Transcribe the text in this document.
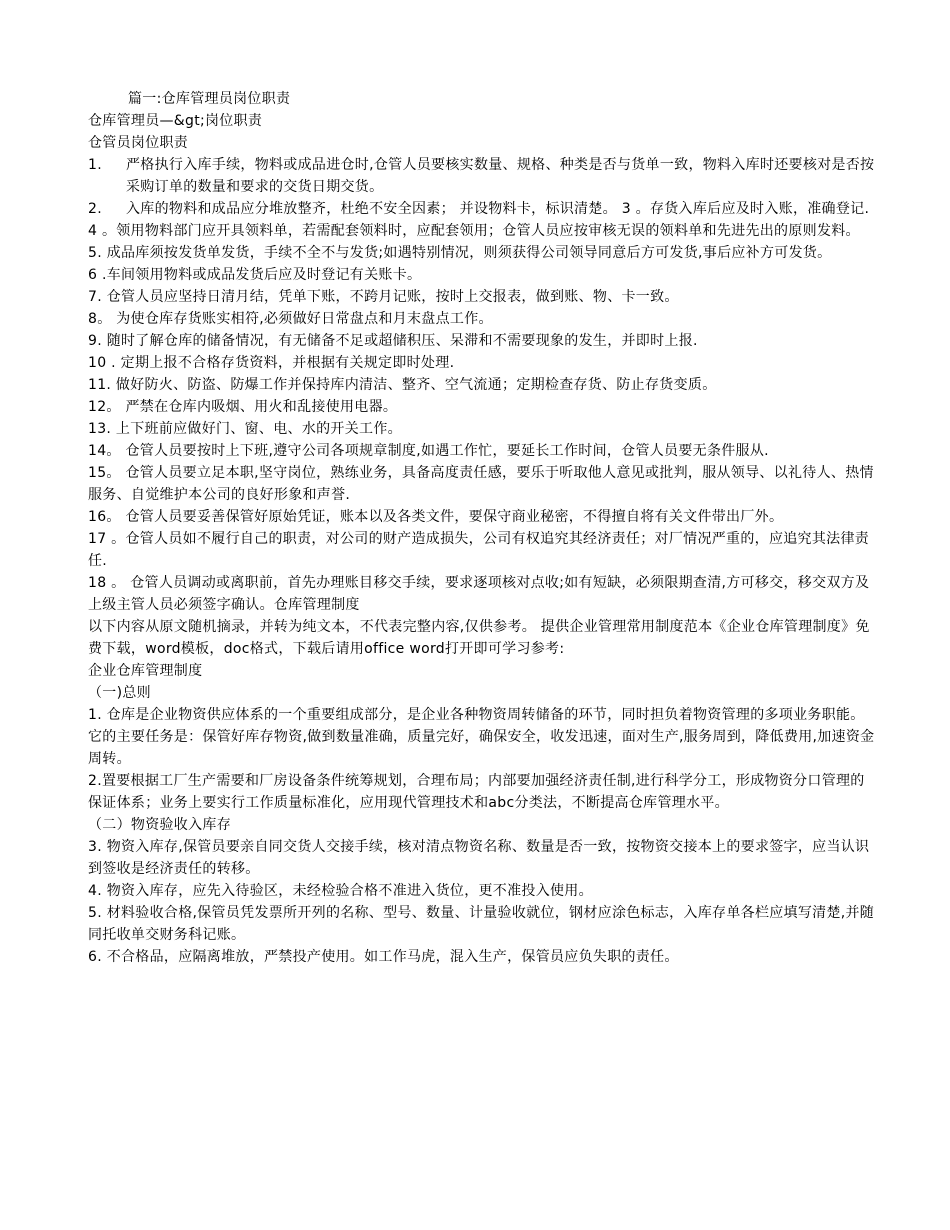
篇一:仓库管理员岗位职责
仓库管理员—&gt;岗位职责
仓管员岗位职责
1.	严格执行入库手续，物料或成品进仓时,仓管人员要核实数量、规格、种类是否与货单一致，物料入库时还要核对是否按采购订单的数量和要求的交货日期交货。
2.	入库的物料和成品应分堆放整齐，杜绝不安全因素； 并设物料卡，标识清楚。 3 。存货入库后应及时入账，准确登记.
4 。领用物料部门应开具领料单，若需配套领料时，应配套领用；仓管人员应按审核无误的领料单和先进先出的原则发料。
5. 成品库须按发货单发货，手续不全不与发货;如遇特别情况，则须获得公司领导同意后方可发货,事后应补方可发货。
6 .车间领用物料或成品发货后应及时登记有关账卡。
7. 仓管人员应坚持日清月结，凭单下账，不跨月记账，按时上交报表，做到账、物、卡一致。
8。 为使仓库存货账实相符,必须做好日常盘点和月末盘点工作。
9. 随时了解仓库的储备情况，有无储备不足或超储积压、呆滞和不需要现象的发生，并即时上报.
10 . 定期上报不合格存货资料，并根据有关规定即时处理.
11. 做好防火、防盗、防爆工作并保持库内清洁、整齐、空气流通；定期检查存货、防止存货变质。
12。 严禁在仓库内吸烟、用火和乱接使用电器。
13. 上下班前应做好门、窗、电、水的开关工作。
14。 仓管人员要按时上下班,遵守公司各项规章制度,如遇工作忙，要延长工作时间，仓管人员要无条件服从.
15。 仓管人员要立足本职,坚守岗位，熟练业务，具备高度责任感，要乐于听取他人意见或批判，服从领导、以礼待人、热情服务、自觉维护本公司的良好形象和声誉.
16。 仓管人员要妥善保管好原始凭证，账本以及各类文件，要保守商业秘密，不得擅自将有关文件带出厂外。
17 。仓管人员如不履行自己的职责，对公司的财产造成损失，公司有权追究其经济责任；对厂情况严重的，应追究其法律责任.
18 。 仓管人员调动或离职前，首先办理账目移交手续，要求逐项核对点收;如有短缺，必须限期查清,方可移交，移交双方及上级主管人员必须签字确认。仓库管理制度
以下内容从原文随机摘录，并转为纯文本，不代表完整内容,仅供参考。 提供企业管理常用制度范本《企业仓库管理制度》免费下载，word模板，doc格式，下载后请用office word打开即可学习参考:
企业仓库管理制度
（一)总则
1. 仓库是企业物资供应体系的一个重要组成部分，是企业各种物资周转储备的环节，同时担负着物资管理的多项业务职能。它的主要任务是：保管好库存物资,做到数量准确，质量完好，确保安全，收发迅速，面对生产,服务周到，降低费用,加速资金周转。
2.置要根据工厂生产需要和厂房设备条件统筹规划，合理布局；内部要加强经济责任制,进行科学分工，形成物资分口管理的保证体系；业务上要实行工作质量标准化，应用现代管理技术和abc分类法，不断提高仓库管理水平。
（二）物资验收入库存
3. 物资入库存,保管员要亲自同交货人交接手续，核对清点物资名称、数量是否一致，按物资交接本上的要求签字，应当认识到签收是经济责任的转移。
4. 物资入库存，应先入待验区，未经检验合格不准进入货位，更不准投入使用。
5. 材料验收合格,保管员凭发票所开列的名称、型号、数量、计量验收就位，钢材应涂色标志，入库存单各栏应填写清楚,并随同托收单交财务科记账。
6. 不合格品，应隔离堆放，严禁投产使用。如工作马虎，混入生产，保管员应负失职的责任。
